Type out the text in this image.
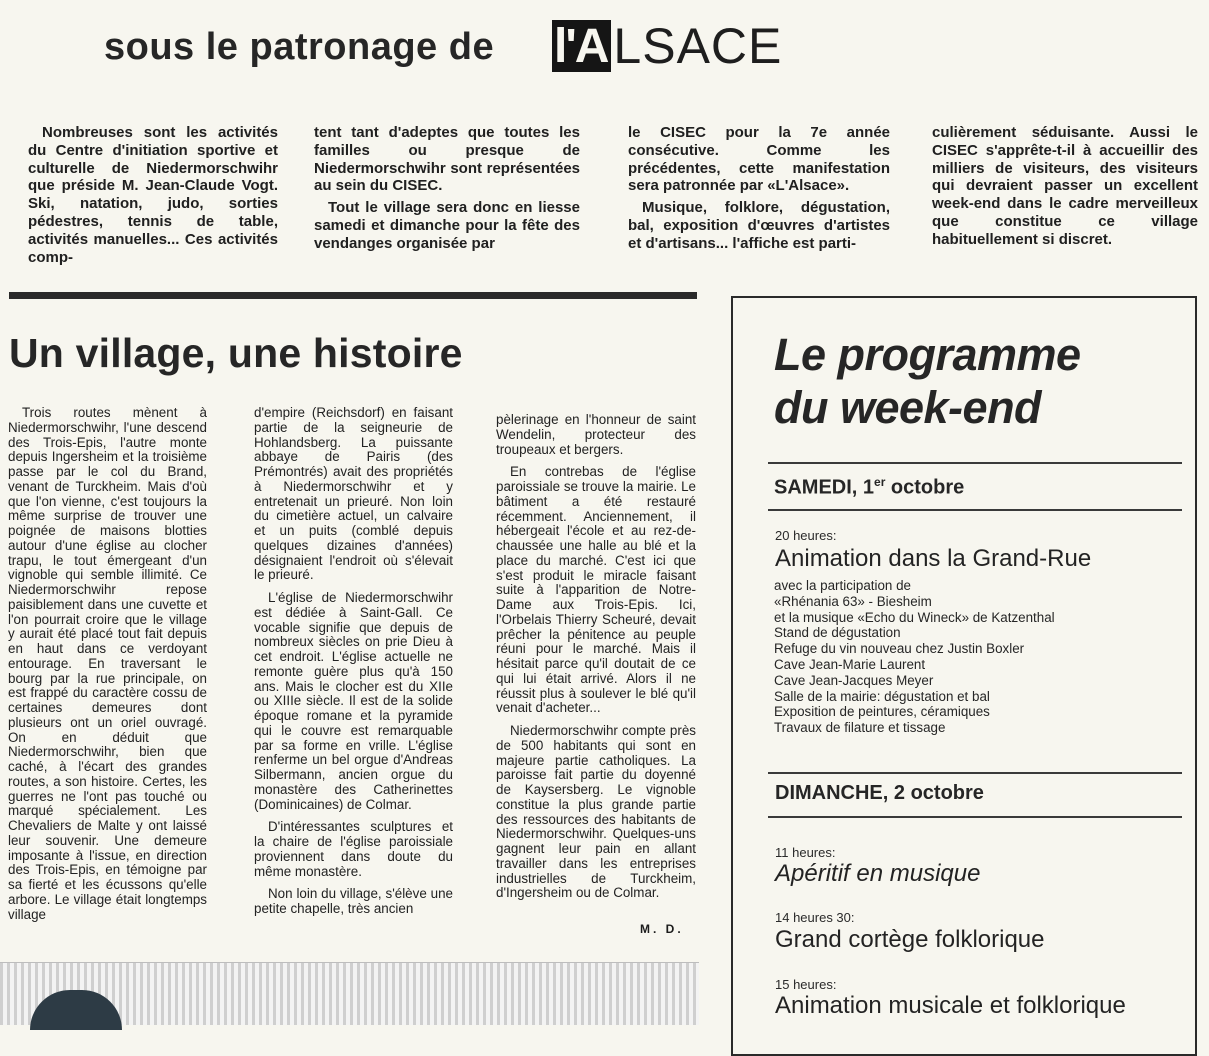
sous le patronage de l'A LSACE

Nombreuses sont les activités du Centre d'initiation sportive et culturelle de Niedermorschwihr que préside M. Jean-Claude Vogt. Ski, natation, judo, sorties pédestres, tennis de table, activités manuelles... Ces activités comp-

tent tant d'adeptes que toutes les familles ou presque de Niedermorschwihr sont représentées au sein du CISEC.

Tout le village sera donc en liesse samedi et dimanche pour la fête des vendanges organisée par

le CISEC pour la 7e année consécutive. Comme les précédentes, cette manifestation sera patronnée par «L'Alsace».

Musique, folklore, dégustation, bal, exposition d'œuvres d'artistes et d'artisans... l'affiche est parti-

culièrement séduisante. Aussi le CISEC s'apprête-t-il à accueillir des milliers de visiteurs, des visiteurs qui devraient passer un excellent week-end dans le cadre merveilleux que constitue ce village habituellement si discret.

Un village, une histoire

Trois routes mènent à Niedermorschwihr, l'une descend des Trois-Epis, l'autre monte depuis Ingersheim et la troisième passe par le col du Brand, venant de Turckheim. Mais d'où que l'on vienne, c'est toujours la même surprise de trouver une poignée de maisons blotties autour d'une église au clocher trapu, le tout émergeant d'un vignoble qui semble illimité. Ce Niedermorschwihr repose paisiblement dans une cuvette et l'on pourrait croire que le village y aurait été placé tout fait depuis en haut dans ce verdoyant entourage. En traversant le bourg par la rue principale, on est frappé du caractère cossu de certaines demeures dont plusieurs ont un oriel ouvragé. On en déduit que Niedermorschwihr, bien que caché, à l'écart des grandes routes, a son histoire. Certes, les guerres ne l'ont pas touché ou marqué spécialement. Les Chevaliers de Malte y ont laissé leur souvenir. Une demeure imposante à l'issue, en direction des Trois-Epis, en témoigne par sa fierté et les écussons qu'elle arbore. Le village était longtemps village

d'empire (Reichsdorf) en faisant partie de la seigneurie de Hohlandsberg. La puissante abbaye de Pairis (des Prémontrés) avait des propriétés à Niedermorschwihr et y entretenait un prieuré. Non loin du cimetière actuel, un calvaire et un puits (comblé depuis quelques dizaines d'années) désignaient l'endroit où s'élevait le prieuré.

L'église de Niedermorschwihr est dédiée à Saint-Gall. Ce vocable signifie que depuis de nombreux siècles on prie Dieu à cet endroit. L'église actuelle ne remonte guère plus qu'à 150 ans. Mais le clocher est du XIIe ou XIIIe siècle. Il est de la solide époque romane et la pyramide qui le couvre est remarquable par sa forme en vrille. L'église renferme un bel orgue d'Andreas Silbermann, ancien orgue du monastère des Catherinettes (Dominicaines) de Colmar.

D'intéressantes sculptures et la chaire de l'église paroissiale proviennent dans doute du même monastère.

Non loin du village, s'élève une petite chapelle, très ancien

pèlerinage en l'honneur de saint Wendelin, protecteur des troupeaux et bergers.

En contrebas de l'église paroissiale se trouve la mairie. Le bâtiment a été restauré récemment. Anciennement, il hébergeait l'école et au rez-de-chaussée une halle au blé et la place du marché. C'est ici que s'est produit le miracle faisant suite à l'apparition de Notre-Dame aux Trois-Epis. Ici, l'Orbelais Thierry Scheuré, devait prêcher la pénitence au peuple réuni pour le marché. Mais il hésitait parce qu'il doutait de ce qui lui était arrivé. Alors il ne réussit plus à soulever le blé qu'il venait d'acheter...

Niedermorschwihr compte près de 500 habitants qui sont en majeure partie catholiques. La paroisse fait partie du doyenné de Kaysersberg. Le vignoble constitue la plus grande partie des ressources des habitants de Niedermorschwihr. Quelques-uns gagnent leur pain en allant travailler dans les entreprises industrielles de Turckheim, d'Ingersheim ou de Colmar.

M. D.
Le programme
du week-end
SAMEDI, 1er octobre
20 heures:
Animation dans la Grand-Rue
avec la participation de
«Rhénania 63» - Biesheim
et la musique «Echo du Wineck» de Katzenthal
Stand de dégustation
Refuge du vin nouveau chez Justin Boxler
Cave Jean-Marie Laurent
Cave Jean-Jacques Meyer
Salle de la mairie: dégustation et bal
Exposition de peintures, céramiques
Travaux de filature et tissage
DIMANCHE, 2 octobre
11 heures:
Apéritif en musique
14 heures 30:
Grand cortège folklorique
15 heures:
Animation musicale et folklorique
